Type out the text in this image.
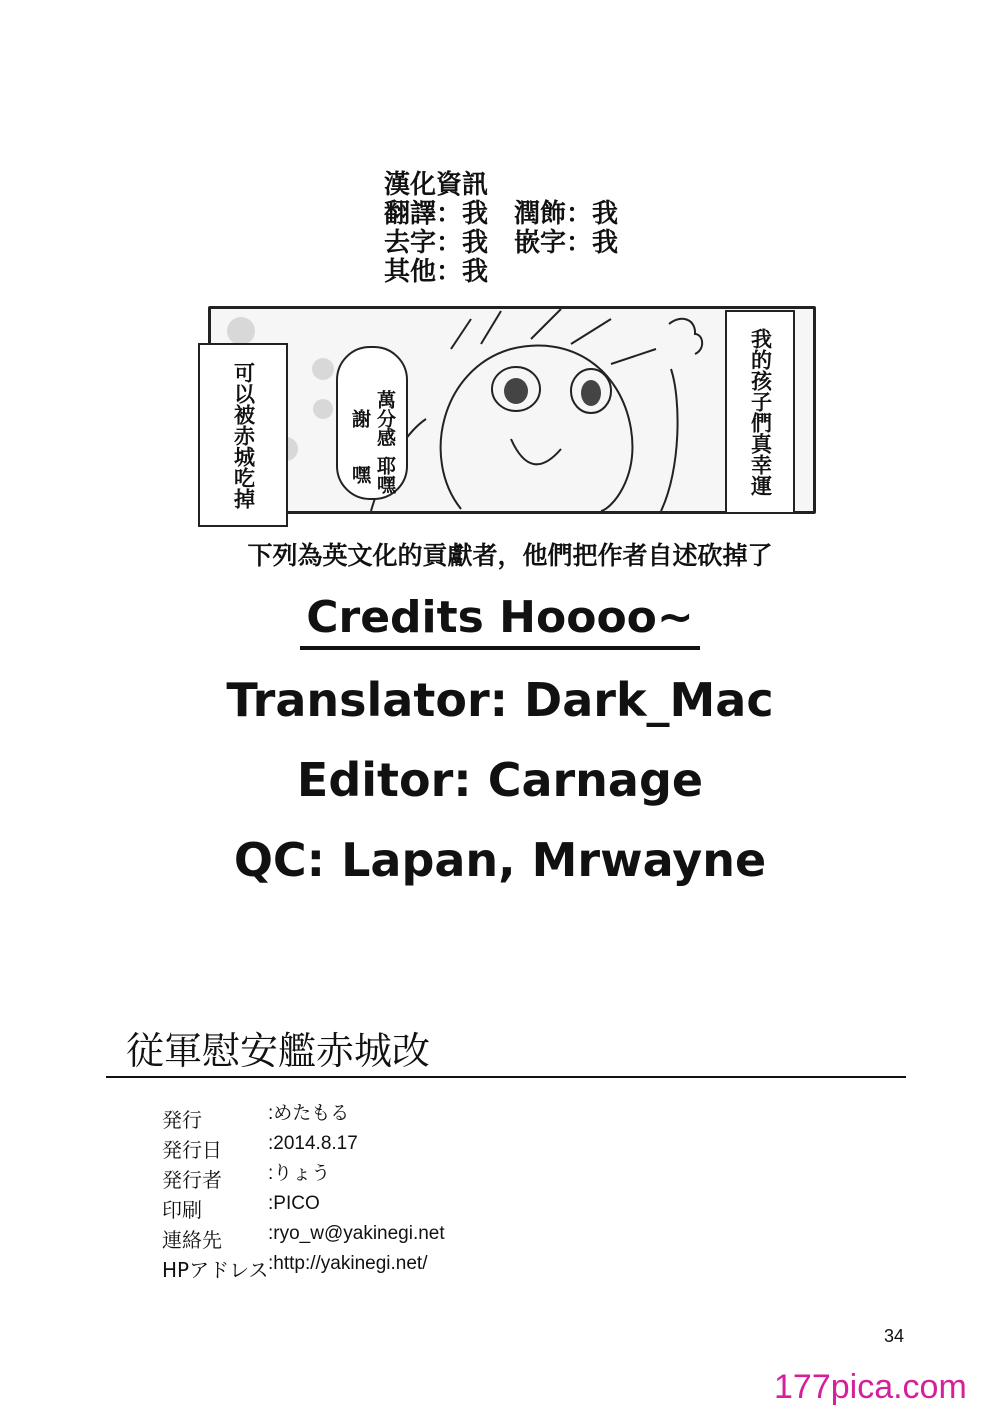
漢化資訊
翻譯：我　潤飾：我
去字：我　嵌字：我
其他：我
可以被赤城吃掉	耶嘿嘿
萬分感謝	我的孩子們真幸運
下列為英文化的貢獻者，他們把作者自述砍掉了
Credits Hoooo~
Translator: Dark_Mac
Editor: Carnage
QC: Lapan, Mrwayne
従軍慰安艦赤城改
発行	:めたもる
発行日 :2014.8.17
発行者 :りょう
印刷	:PICO
連絡先 :ryo_w@yakinegi.net
HPアドレス :http://yakinegi.net/
34
177pica.com
